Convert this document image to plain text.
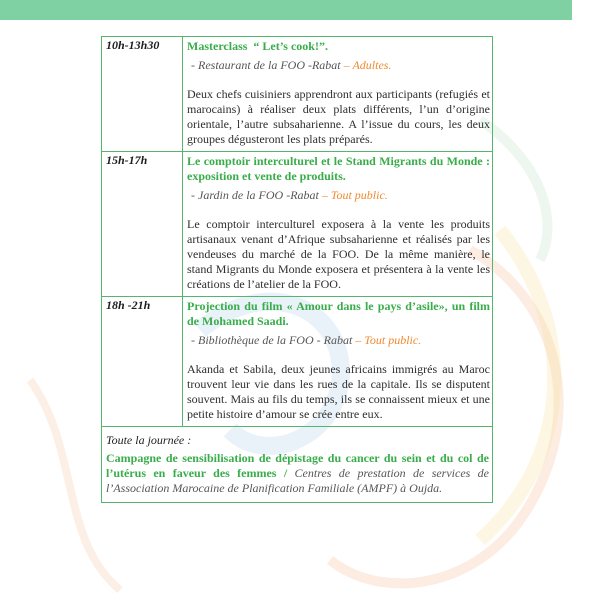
10h-13h30	Masterclass  “ Let’s cook!”.
- Restaurant de la FOO -Rabat – Adultes.
Deux chefs cuisiniers apprendront aux participants (refugiés et marocains) à réaliser deux plats différents, l’un d’origine orientale, l’autre subsaharienne. A l’issue du cours, les deux groupes dégusteront les plats préparés.

15h-17h	Le comptoir interculturel et le Stand Migrants du Monde : exposition et vente de produits.
- Jardin de la FOO -Rabat – Tout public.
Le comptoir interculturel exposera à la vente les produits artisanaux venant d’Afrique subsaharienne et réalisés par les vendeuses du marché de la FOO. De la même manière, le stand Migrants du Monde exposera et présentera à la vente les créations de l’atelier de la FOO.

18h -21h	Projection du film « Amour dans le pays d’asile», un film de Mohamed Saadi.
- Bibliothèque de la FOO - Rabat – Tout public.
Akanda et Sabila, deux jeunes africains immigrés au Maroc trouvent leur vie dans les rues de la capitale. Ils se disputent souvent. Mais au fils du temps, ils se connaissent mieux et une petite histoire d’amour se crée entre eux.

Toute la journée :
Campagne de sensibilisation de dépistage du cancer du sein et du col de l’utérus en faveur des femmes / Centres de prestation de services de l’Association Marocaine de Planification Familiale (AMPF) à Oujda.	
